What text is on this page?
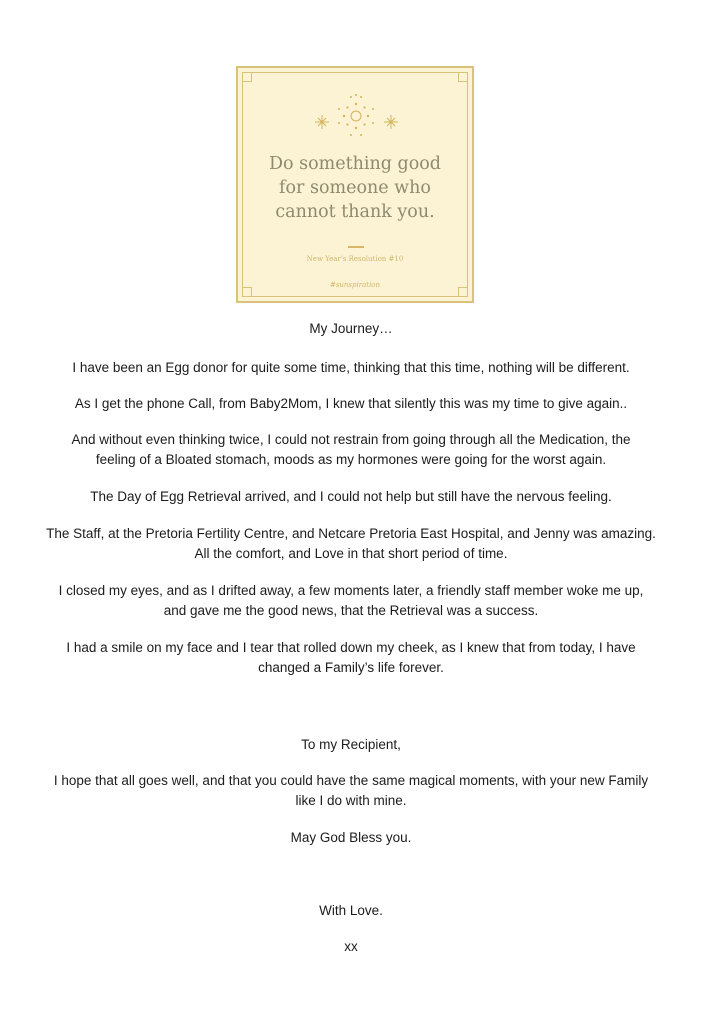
Do something good
for someone who
cannot thank you.
New Year's Resolution #10
#sunspiration
My Journey…
I have been an Egg donor for quite some time, thinking that this time, nothing will be different.
As I get the phone Call, from Baby2Mom, I knew that silently this was my time to give again..
And without even thinking twice, I could not restrain from going through all the Medication, the
feeling of a Bloated stomach, moods as my hormones were going for the worst again.
The Day of Egg Retrieval arrived, and I could not help but still have the nervous feeling.
The Staff, at the Pretoria Fertility Centre, and Netcare Pretoria East Hospital, and Jenny was amazing.
All the comfort, and Love in that short period of time.
I closed my eyes, and as I drifted away, a few moments later, a friendly staff member woke me up,
and gave me the good news, that the Retrieval was a success.
I had a smile on my face and I tear that rolled down my cheek, as I knew that from today, I have
changed a Family’s life forever.
To my Recipient,
I hope that all goes well, and that you could have the same magical moments, with your new Family
like I do with mine.
May God Bless you.
With Love.
xx
